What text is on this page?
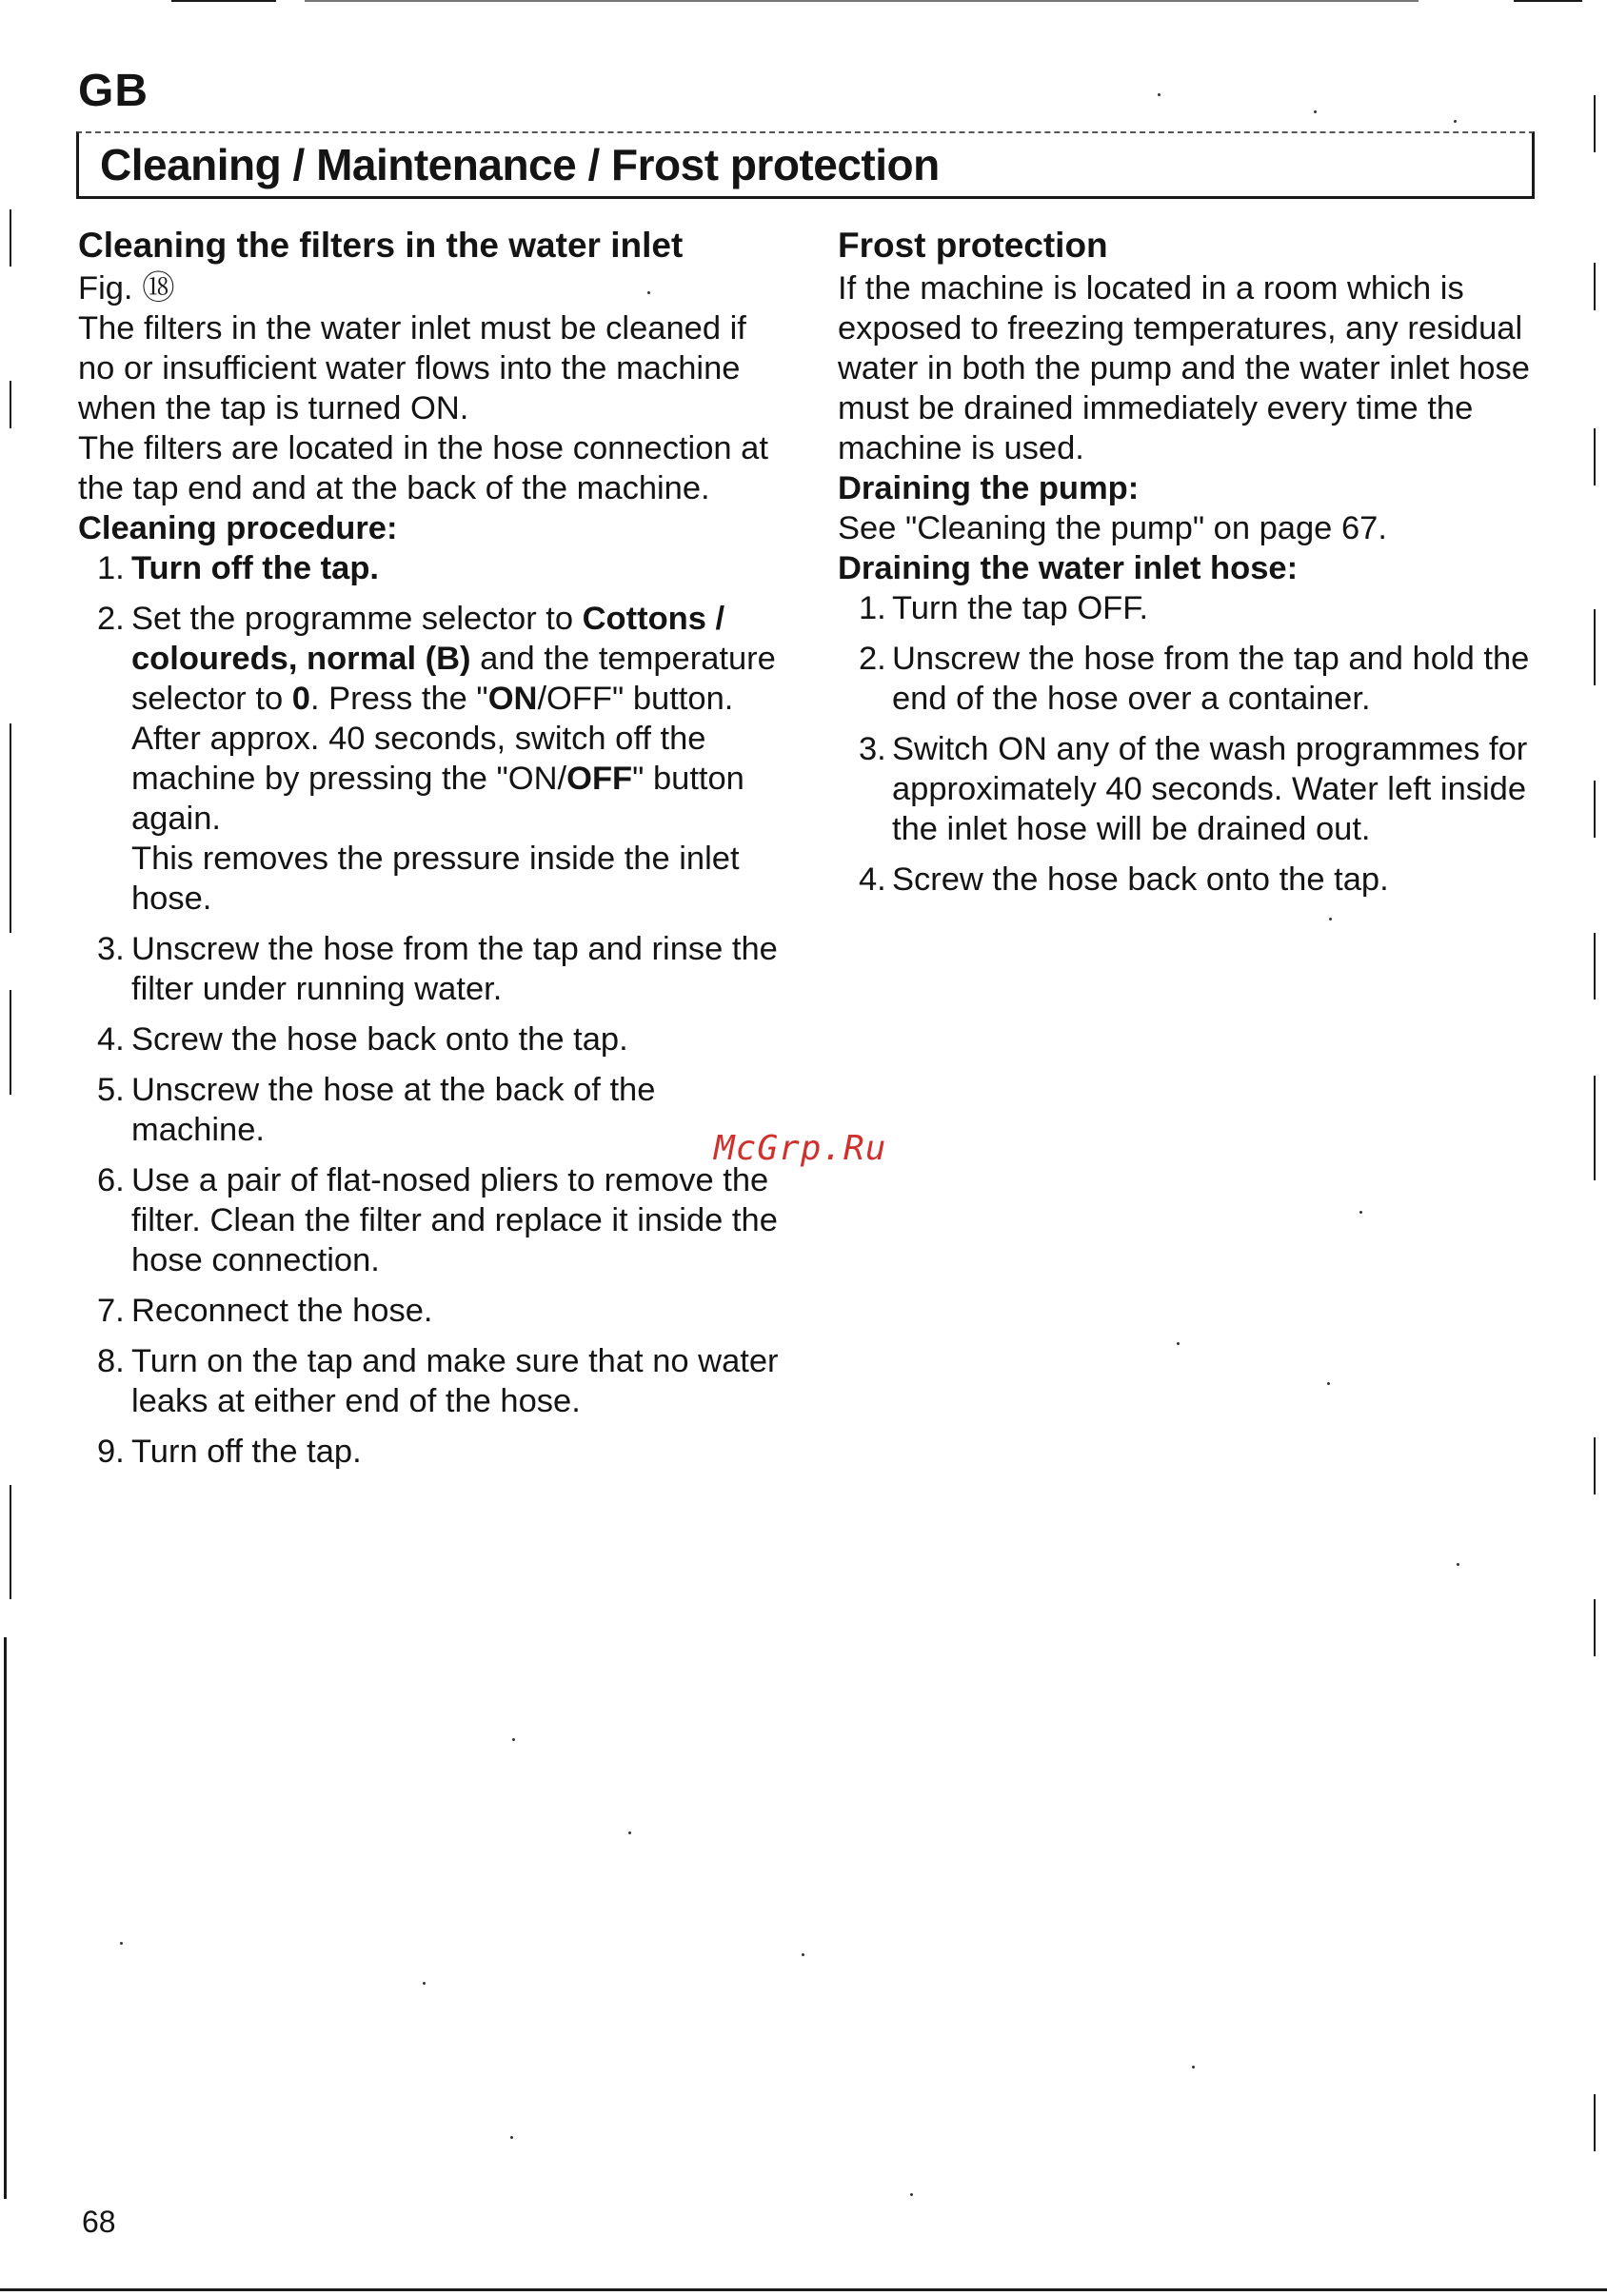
GB
Cleaning / Maintenance / Frost protection
Cleaning the filters in the water inlet

Fig. ⑱

The filters in the water inlet must be cleaned if no or insufficient water flows into the machine when the tap is turned ON.

The filters are located in the hose connection at the tap end and at the back of the machine.

Cleaning procedure:
1. Turn off the tap.
2. Set the programme selector to Cottons / coloureds, normal (B) and the temperature selector to 0. Press the "ON/OFF" button.
After approx. 40 seconds, switch off the machine by pressing the "ON/OFF" button again.
This removes the pressure inside the inlet hose.
3. Unscrew the hose from the tap and rinse the filter under running water.
4. Screw the hose back onto the tap.
5. Unscrew the hose at the back of the machine.
6. Use a pair of flat-nosed pliers to remove the filter. Clean the filter and replace it inside the hose connection.
7. Reconnect the hose.
8. Turn on the tap and make sure that no water leaks at either end of the hose.
9. Turn off the tap.
Frost protection

If the machine is located in a room which is exposed to freezing temperatures, any residual water in both the pump and the water inlet hose must be drained immediately every time the machine is used.

Draining the pump:

See "Cleaning the pump" on page 67.

Draining the water inlet hose:
1. Turn the tap OFF.
2. Unscrew the hose from the tap and hold the end of the hose over a container.
3. Switch ON any of the wash programmes for approximately 40 seconds. Water left inside the inlet hose will be drained out.
4. Screw the hose back onto the tap.
McGrp.Ru
68
